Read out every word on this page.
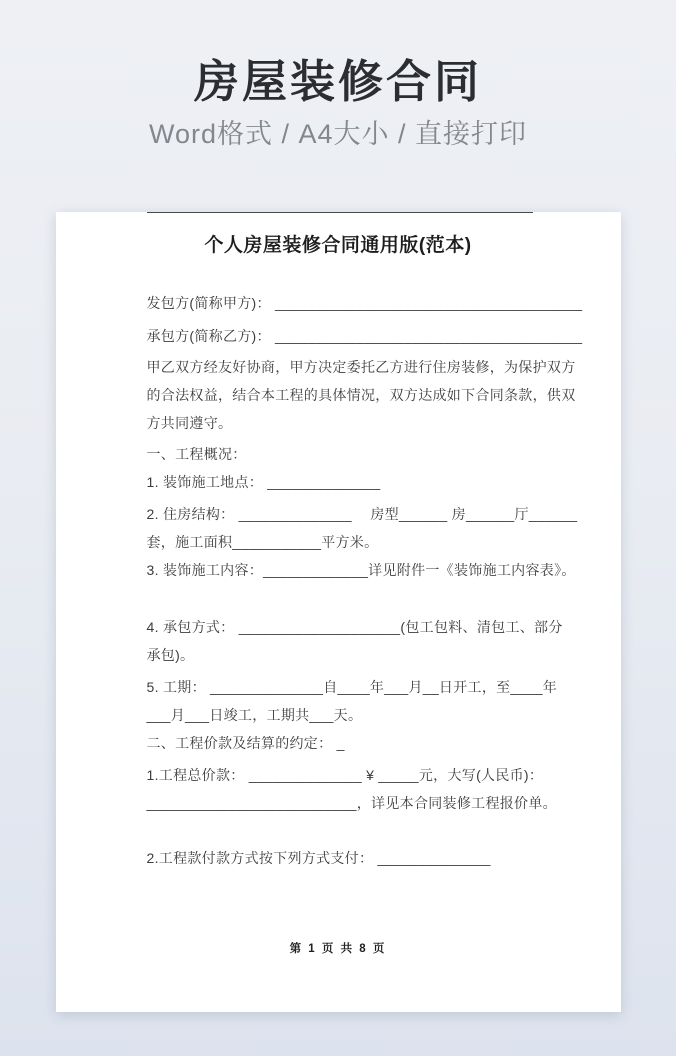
房屋装修合同
Word格式 / A4大小 / 直接打印
个人房屋装修合同通用版(范本)
发包方(简称甲方)： ______________________________________
承包方(简称乙方)： ______________________________________
甲乙双方经友好协商，甲方决定委托乙方进行住房装修，为保护双方
的合法权益，结合本工程的具体情况，双方达成如下合同条款，供双
方共同遵守。
一、工程概况：
1. 装饰施工地点： ______________
2. 住房结构： ______________　 房型______ 房______厅______
套，施工面积___________平方米。
3. 装饰施工内容：_____________详见附件一《装饰施工内容表》。
4. 承包方式： ____________________(包工包料、清包工、部分
承包)。
5. 工期： ______________自____年___月__日开工，至____年
___月___日竣工，工期共___天。
二、工程价款及结算的约定： _
1.工程总价款： ______________ ¥ _____元，大写(人民币)：
__________________________，详见本合同装修工程报价单。
2.工程款付款方式按下列方式支付： ______________
第 1 页 共 8 页
